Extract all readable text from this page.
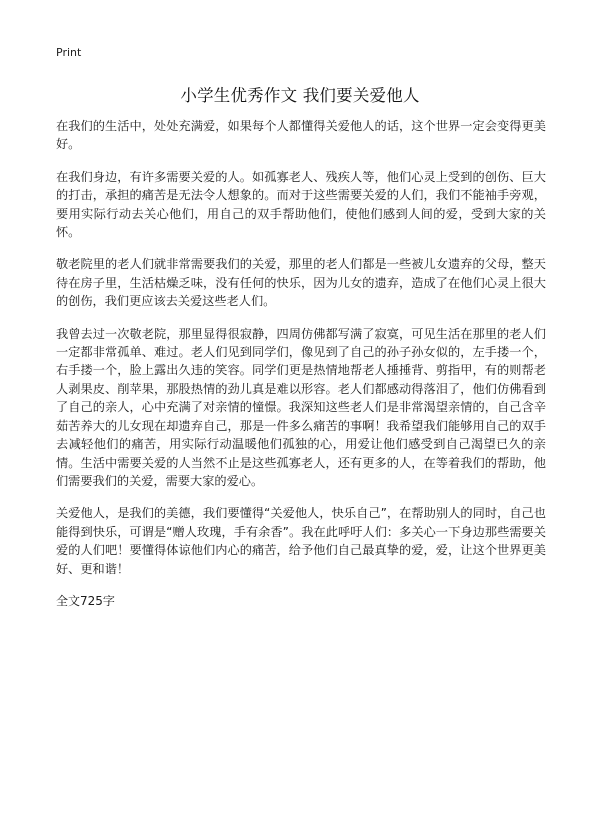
Print
小学生优秀作文 我们要关爱他人

在我们的生活中，处处充满爱，如果每个人都懂得关爱他人的话，这个世界一定会变得更美好。

在我们身边，有许多需要关爱的人。如孤寡老人、残疾人等，他们心灵上受到的创伤、巨大的打击，承担的痛苦是无法令人想象的。而对于这些需要关爱的人们，我们不能袖手旁观，要用实际行动去关心他们，用自己的双手帮助他们，使他们感到人间的爱，受到大家的关怀。

敬老院里的老人们就非常需要我们的关爱，那里的老人们都是一些被儿女遗弃的父母，整天待在房子里，生活枯燥乏味，没有任何的快乐，因为儿女的遗弃，造成了在他们心灵上很大的创伤，我们更应该去关爱这些老人们。

我曾去过一次敬老院，那里显得很寂静，四周仿佛都写满了寂寞，可见生活在那里的老人们一定都非常孤单、难过。老人们见到同学们，像见到了自己的孙子孙女似的，左手搂一个，右手搂一个，脸上露出久违的笑容。同学们更是热情地帮老人捶捶背、剪指甲，有的则帮老人剥果皮、削苹果，那股热情的劲儿真是难以形容。老人们都感动得落泪了，他们仿佛看到了自己的亲人，心中充满了对亲情的憧憬。我深知这些老人们是非常渴望亲情的，自己含辛茹苦养大的儿女现在却遗弃自己，那是一件多么痛苦的事啊！我希望我们能够用自己的双手去减轻他们的痛苦，用实际行动温暖他们孤独的心，用爱让他们感受到自己渴望已久的亲情。生活中需要关爱的人当然不止是这些孤寡老人，还有更多的人，在等着我们的帮助，他们需要我们的关爱，需要大家的爱心。

关爱他人，是我们的美德，我们要懂得“关爱他人，快乐自己”，在帮助别人的同时，自己也能得到快乐，可谓是“赠人玫瑰，手有余香”。我在此呼吁人们：多关心一下身边那些需要关爱的人们吧！要懂得体谅他们内心的痛苦，给予他们自己最真挚的爱，爱，让这个世界更美好、更和谐！

全文725字
